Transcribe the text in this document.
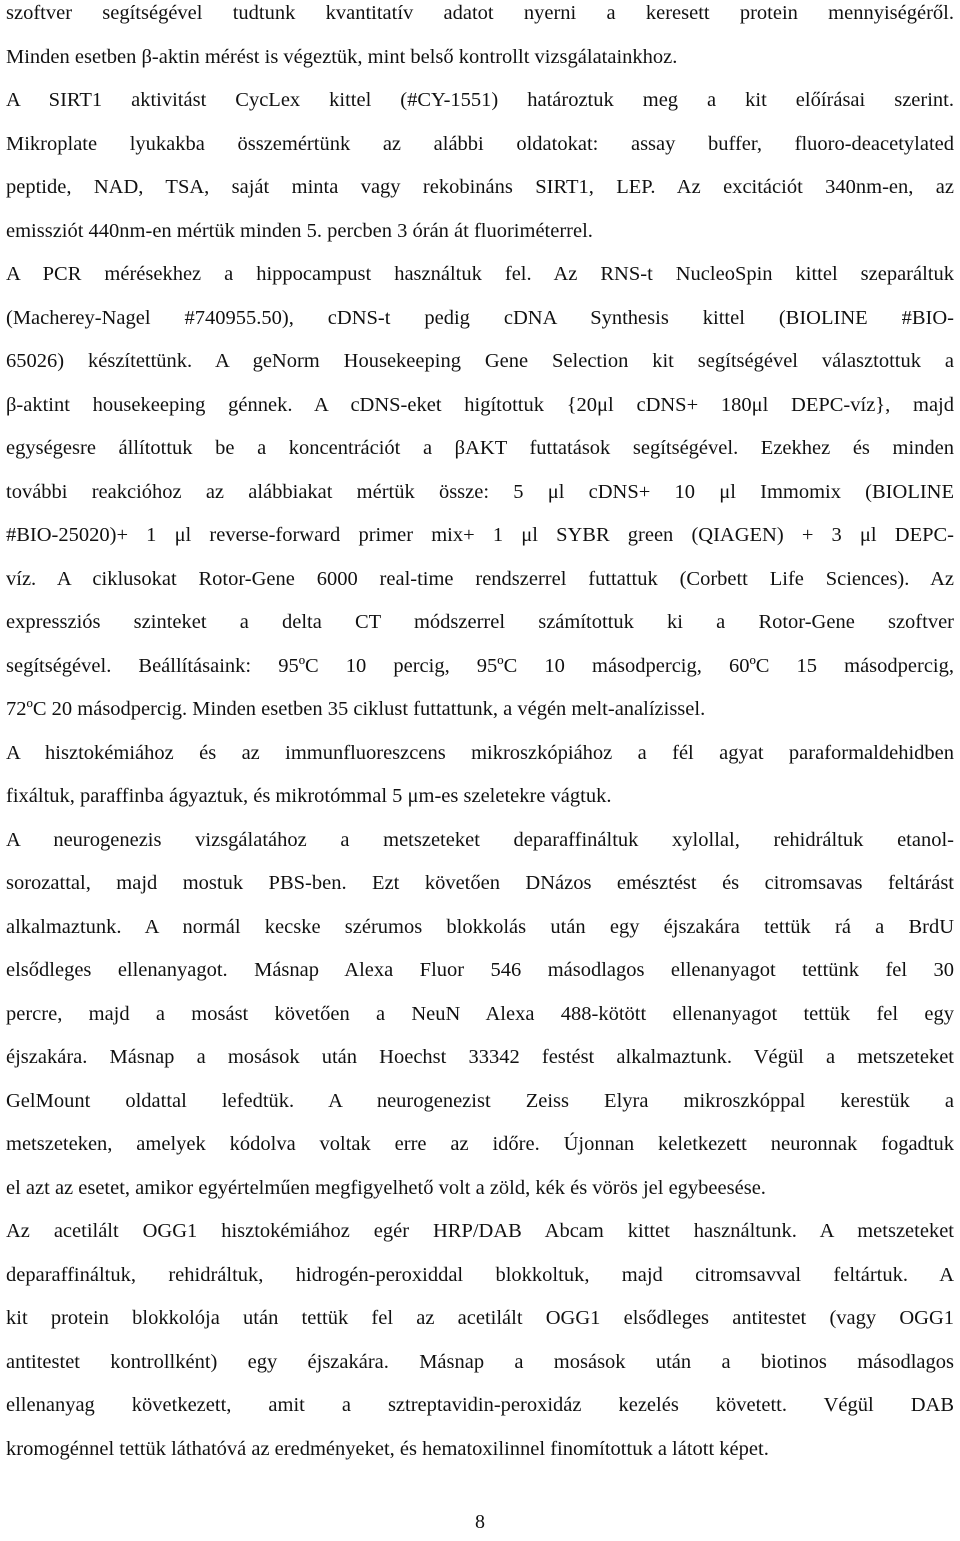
szoftver segítségével tudtunk kvantitatív adatot nyerni a keresett protein mennyiségéről.
Minden esetben β-aktin mérést is végeztük, mint belső kontrollt vizsgálatainkhoz.

A SIRT1 aktivitást CycLex kittel (#CY-1551) határoztuk meg a kit előírásai szerint.
Mikroplate lyukakba összemértünk az alábbi oldatokat: assay buffer, fluoro-deacetylated
peptide, NAD, TSA, saját minta vagy rekobináns SIRT1, LEP. Az excitációt 340nm-en, az
emissziót 440nm-en mértük minden 5. percben 3 órán át fluoriméterrel.

A PCR mérésekhez a hippocampust használtuk fel. Az RNS-t NucleoSpin kittel szeparáltuk
(Macherey-Nagel #740955.50), cDNS-t pedig cDNA Synthesis kittel (BIOLINE #BIO-
65026) készítettünk. A geNorm Housekeeping Gene Selection kit segítségével választottuk a
β-aktint housekeeping génnek. A cDNS-eket higítottuk {20μl cDNS+ 180μl DEPC-víz}, majd
egységesre állítottuk be a koncentrációt a βAKT futtatások segítségével. Ezekhez és minden
további reakcióhoz az alábbiakat mértük össze: 5 μl cDNS+ 10 μl Immomix (BIOLINE
#BIO-25020)+ 1 μl reverse-forward primer mix+ 1 μl SYBR green (QIAGEN) + 3 μl DEPC-
víz. A ciklusokat Rotor-Gene 6000 real-time rendszerrel futtattuk (Corbett Life Sciences). Az
expressziós szinteket a delta CT módszerrel számítottuk ki a Rotor-Gene szoftver
segítségével. Beállításaink: 95ºC 10 percig, 95ºC 10 másodpercig, 60ºC 15 másodpercig,
72ºC 20 másodpercig. Minden esetben 35 ciklust futtattunk, a végén melt-analízissel.

A hisztokémiához és az immunfluoreszcens mikroszkópiához a fél agyat paraformaldehidben
fixáltuk, paraffinba ágyaztuk, és mikrotómmal 5 μm-es szeletekre vágtuk.

A neurogenezis vizsgálatához a metszeteket deparaffináltuk xylollal, rehidráltuk etanol-
sorozattal, majd mostuk PBS-ben. Ezt követően DNázos emésztést és citromsavas feltárást
alkalmaztunk. A normál kecske szérumos blokkolás után egy éjszakára tettük rá a BrdU
elsődleges ellenanyagot. Másnap Alexa Fluor 546 másodlagos ellenanyagot tettünk fel 30
percre, majd a mosást követően a NeuN Alexa 488-kötött ellenanyagot tettük fel egy
éjszakára. Másnap a mosások után Hoechst 33342 festést alkalmaztunk. Végül a metszeteket
GelMount oldattal lefedtük. A neurogenezist Zeiss Elyra mikroszkóppal kerestük a
metszeteken, amelyek kódolva voltak erre az időre. Újonnan keletkezett neuronnak fogadtuk
el azt az esetet, amikor egyértelműen megfigyelhető volt a zöld, kék és vörös jel egybeesése.

Az acetilált OGG1 hisztokémiához egér HRP/DAB Abcam kittet használtunk. A metszeteket
deparaffináltuk, rehidráltuk, hidrogén-peroxiddal blokkoltuk, majd citromsavval feltártuk. A
kit protein blokkolója után tettük fel az acetilált OGG1 elsődleges antitestet (vagy OGG1
antitestet kontrollként) egy éjszakára. Másnap a mosások után a biotinos másodlagos
ellenanyag következett, amit a sztreptavidin-peroxidáz kezelés követett. Végül DAB
kromogénnel tettük láthatóvá az eredményeket, és hematoxilinnel finomítottuk a látott képet.

8
